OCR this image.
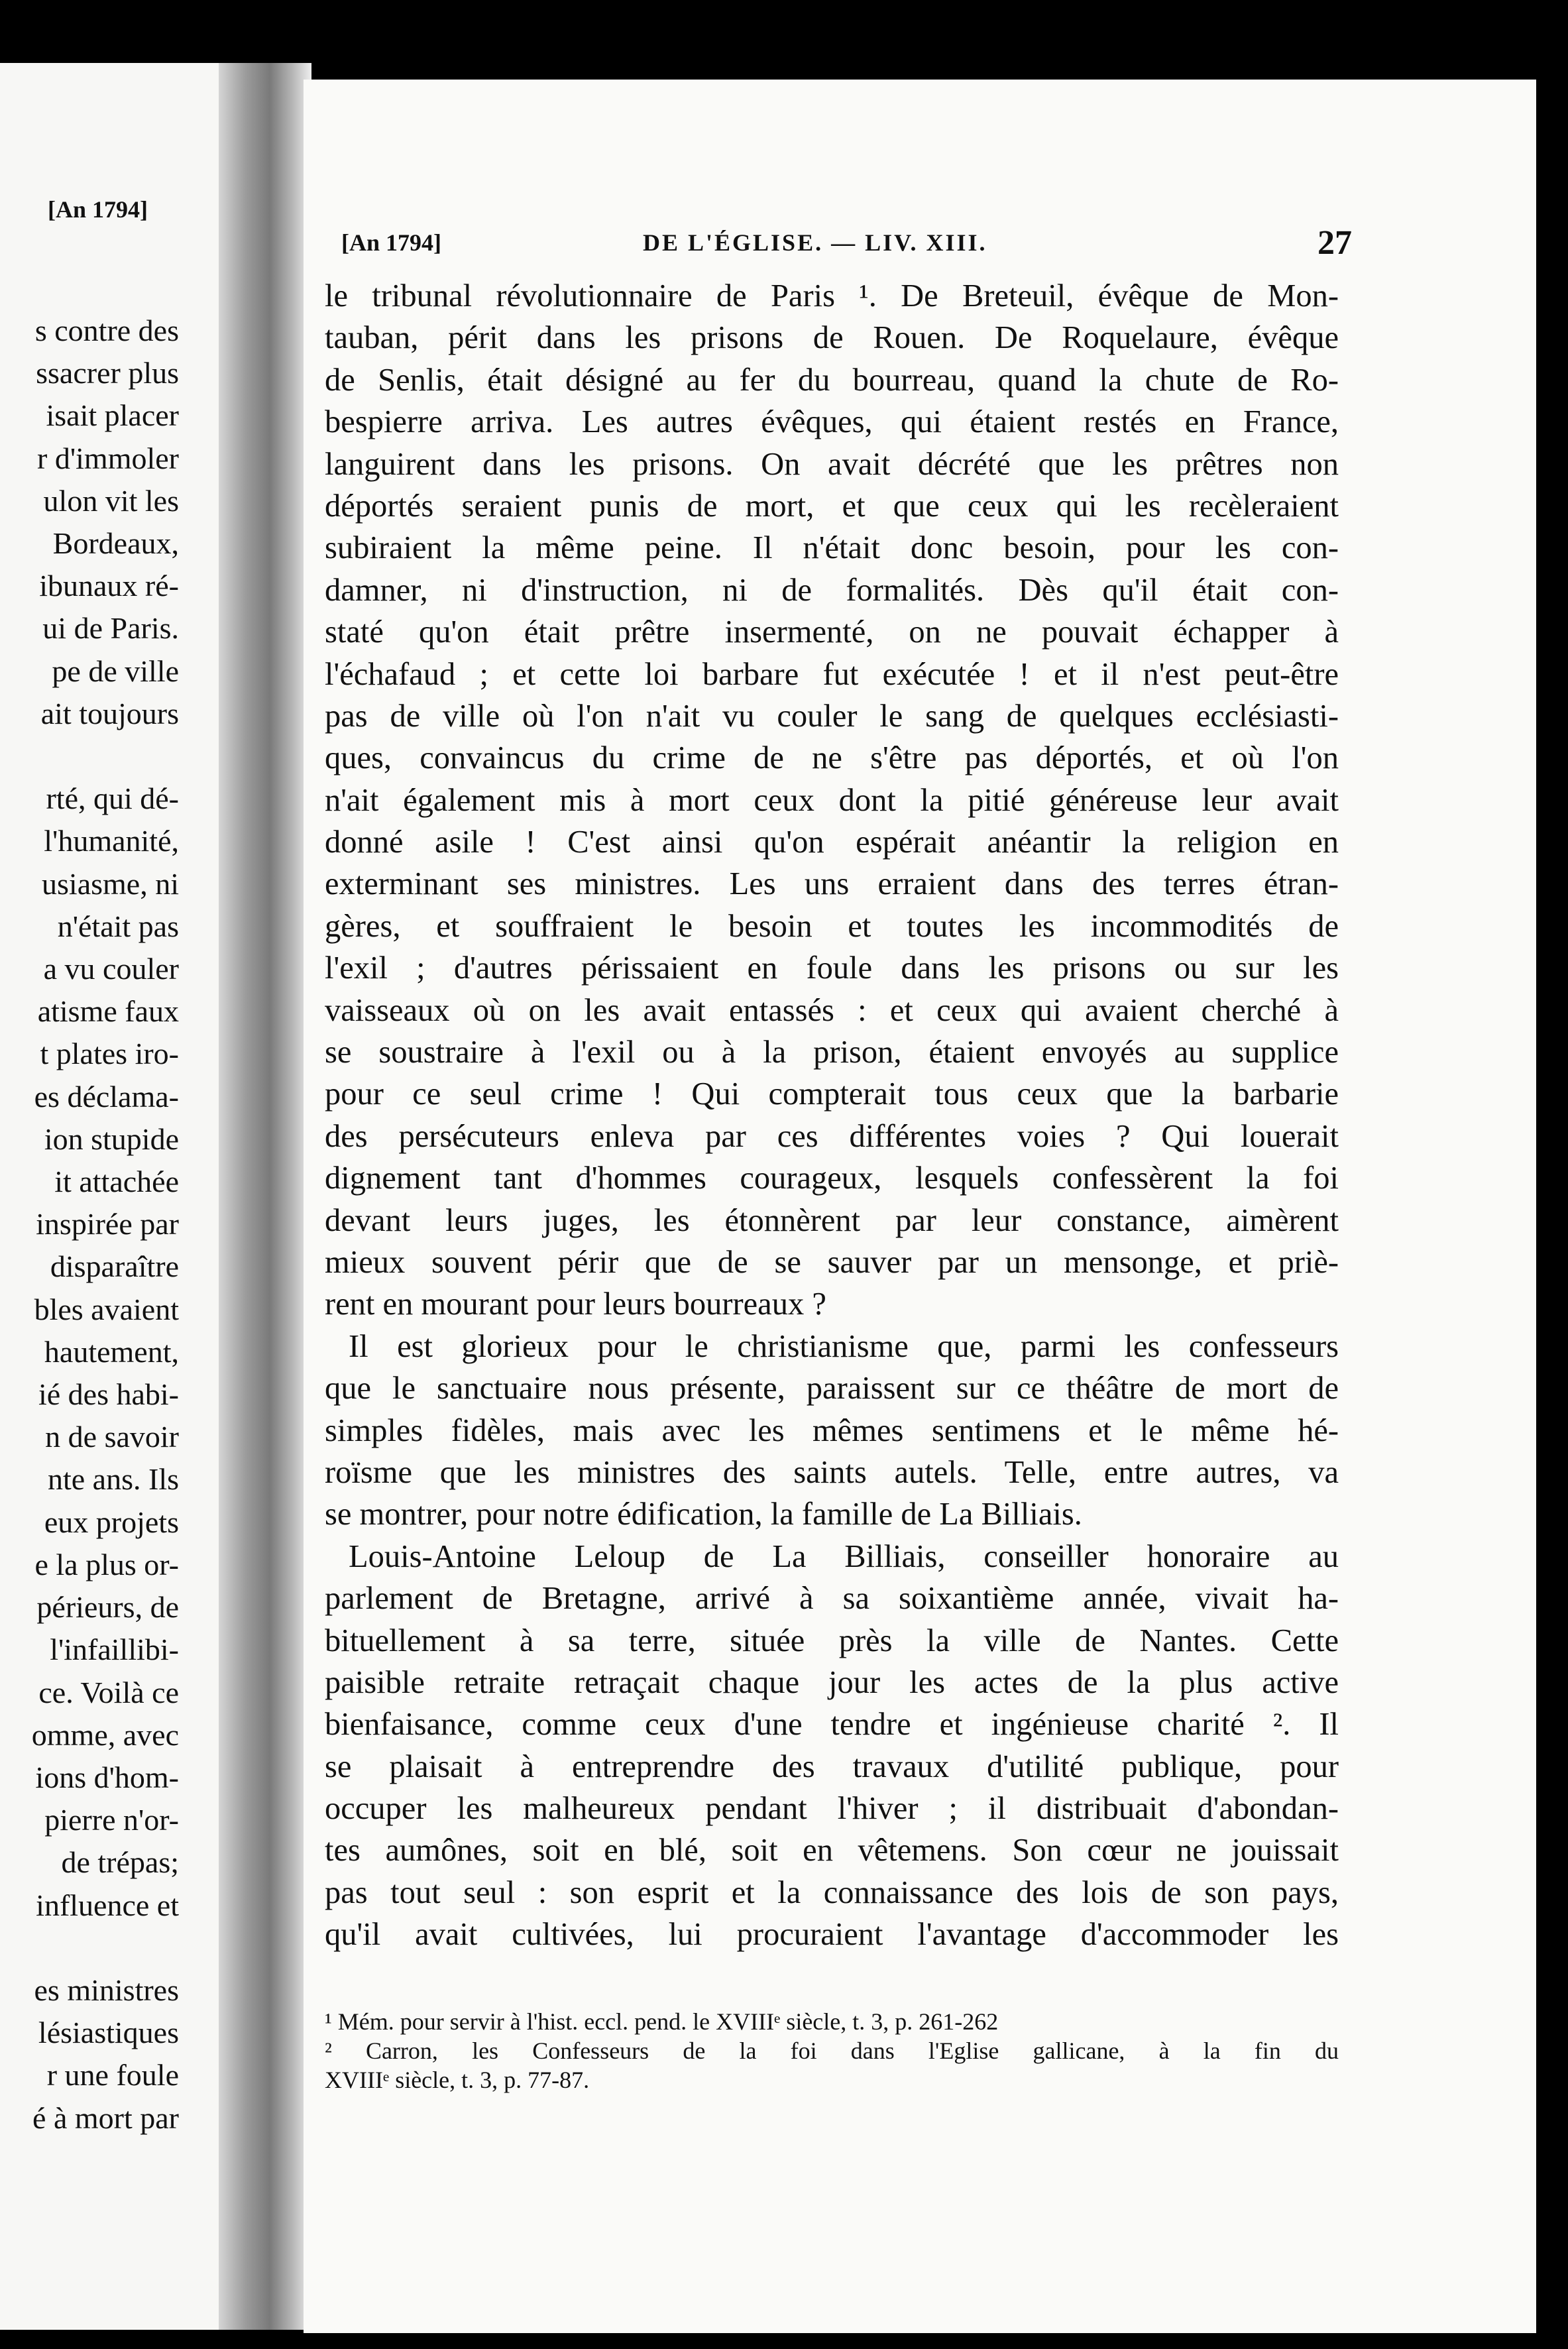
[An 1794]
s contre des
ssacrer plus
isait placer
r d'immoler
ulon vit les
Bordeaux,
ibunaux ré-
ui de Paris.
pe de ville
ait toujours

rté, qui dé-
l'humanité,
usiasme, ni
n'était pas
a vu couler
atisme faux
t plates iro-
es déclama-
ion stupide
it attachée
inspirée par
disparaître
bles avaient
hautement,
ié des habi-
n de savoir
nte ans. Ils
eux projets
e la plus or-
périeurs, de
l'infaillibi-
ce. Voilà ce
omme, avec
ions d'hom-
pierre n'or-
de trépas;
influence et

es ministres
lésiastiques
r une foule
é à mort par
[An 1794]	DE L'ÉGLISE. — LIV. XIII.	27
le tribunal révolutionnaire de Paris ¹. De Breteuil, évêque de Mon-
tauban, périt dans les prisons de Rouen. De Roquelaure, évêque
de Senlis, était désigné au fer du bourreau, quand la chute de Ro-
bespierre arriva. Les autres évêques, qui étaient restés en France,
languirent dans les prisons. On avait décrété que les prêtres non
déportés seraient punis de mort, et que ceux qui les recèleraient
subiraient la même peine. Il n'était donc besoin, pour les con-
damner, ni d'instruction, ni de formalités. Dès qu'il était con-
staté qu'on était prêtre insermenté, on ne pouvait échapper à
l'échafaud ; et cette loi barbare fut exécutée ! et il n'est peut-être
pas de ville où l'on n'ait vu couler le sang de quelques ecclésiasti-
ques, convaincus du crime de ne s'être pas déportés, et où l'on
n'ait également mis à mort ceux dont la pitié généreuse leur avait
donné asile ! C'est ainsi qu'on espérait anéantir la religion en
exterminant ses ministres. Les uns erraient dans des terres étran-
gères, et souffraient le besoin et toutes les incommodités de
l'exil ; d'autres périssaient en foule dans les prisons ou sur les
vaisseaux où on les avait entassés : et ceux qui avaient cherché à
se soustraire à l'exil ou à la prison, étaient envoyés au supplice
pour ce seul crime ! Qui compterait tous ceux que la barbarie
des persécuteurs enleva par ces différentes voies ? Qui louerait
dignement tant d'hommes courageux, lesquels confessèrent la foi
devant leurs juges, les étonnèrent par leur constance, aimèrent
mieux souvent périr que de se sauver par un mensonge, et priè-
rent en mourant pour leurs bourreaux ?
Il est glorieux pour le christianisme que, parmi les confesseurs
que le sanctuaire nous présente, paraissent sur ce théâtre de mort de
simples fidèles, mais avec les mêmes sentimens et le même hé-
roïsme que les ministres des saints autels. Telle, entre autres, va
se montrer, pour notre édification, la famille de La Billiais.
Louis-Antoine Leloup de La Billiais, conseiller honoraire au
parlement de Bretagne, arrivé à sa soixantième année, vivait ha-
bituellement à sa terre, située près la ville de Nantes. Cette
paisible retraite retraçait chaque jour les actes de la plus active
bienfaisance, comme ceux d'une tendre et ingénieuse charité ². Il
se plaisait à entreprendre des travaux d'utilité publique, pour
occuper les malheureux pendant l'hiver ; il distribuait d'abondan-
tes aumônes, soit en blé, soit en vêtemens. Son cœur ne jouissait
pas tout seul : son esprit et la connaissance des lois de son pays,
qu'il avait cultivées, lui procuraient l'avantage d'accommoder les
¹ Mém. pour servir à l'hist. eccl. pend. le XVIIIᵉ siècle, t. 3, p. 261-262
² Carron, les Confesseurs de la foi dans l'Eglise gallicane, à la fin du
XVIIIᵉ siècle, t. 3, p. 77-87.
